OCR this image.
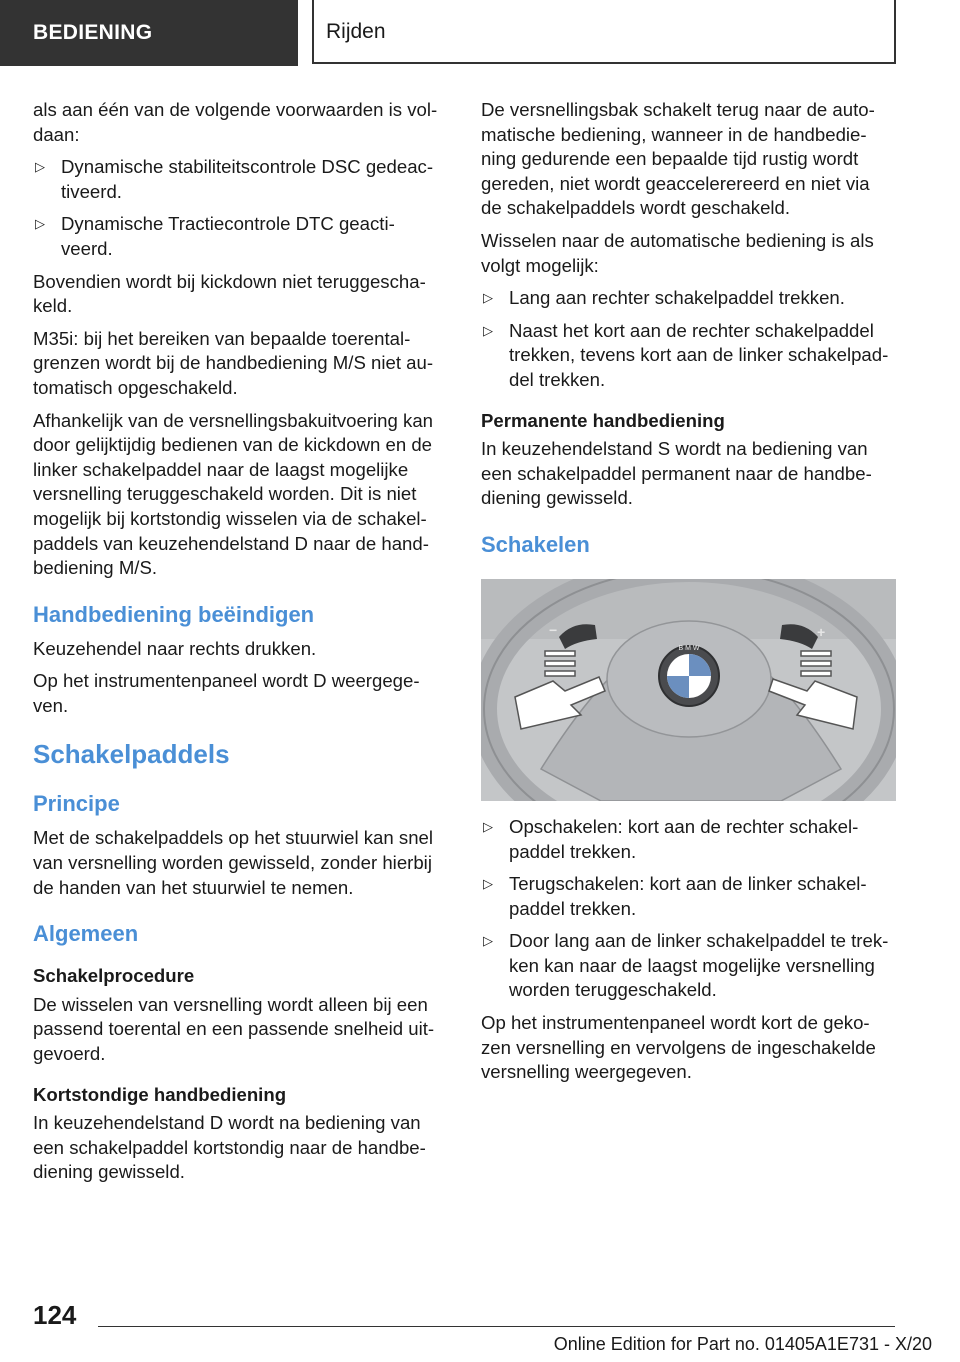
BEDIENING	Rijden

als aan één van de volgende voorwaarden is vol-
daan:

▷ Dynamische stabiliteitscontrole DSC gedeac-
tiveerd.
▷ Dynamische Tractiecontrole DTC geacti-
veerd.

Bovendien wordt bij kickdown niet teruggescha-
keld.

M35i: bij het bereiken van bepaalde toerental-
grenzen wordt bij de handbediening M/S niet au-
tomatisch opgeschakeld.

Afhankelijk van de versnellingsbakuitvoering kan
door gelijktijdig bedienen van de kickdown en de
linker schakelpaddel naar de laagst mogelijke
versnelling teruggeschakeld worden. Dit is niet
mogelijk bij kortstondig wisselen via de schakel-
paddels van keuzehendelstand D naar de hand-
bediening M/S.

Handbediening beëindigen

Keuzehendel naar rechts drukken.

Op het instrumentenpaneel wordt D weergege-
ven.

Schakelpaddels
Principe

Met de schakelpaddels op het stuurwiel kan snel
van versnelling worden gewisseld, zonder hierbij
de handen van het stuurwiel te nemen.

Algemeen
Schakelprocedure

De wisselen van versnelling wordt alleen bij een
passend toerental en een passende snelheid uit-
gevoerd.

Kortstondige handbediening

In keuzehendelstand D wordt na bediening van
een schakelpaddel kortstondig naar de handbe-
diening gewisseld.

De versnellingsbak schakelt terug naar de auto-
matische bediening, wanneer in de handbedie-
ning gedurende een bepaalde tijd rustig wordt
gereden, niet wordt geaccelerereerd en niet via
de schakelpaddels wordt geschakeld.

Wisselen naar de automatische bediening is als
volgt mogelijk:

▷ Lang aan rechter schakelpaddel trekken.
▷ Naast het kort aan de rechter schakelpaddel
trekken, tevens kort aan de linker schakelpad-
del trekken.
Permanente handbediening

In keuzehendelstand S wordt na bediening van
een schakelpaddel permanent naar de handbe-
diening gewisseld.

Schakelen
B M W
−	+
▷ Opschakelen: kort aan de rechter schakel-
paddel trekken.
▷ Terugschakelen: kort aan de linker schakel-
paddel trekken.
▷ Door lang aan de linker schakelpaddel te trek-
ken kan naar de laagst mogelijke versnelling
worden teruggeschakeld.

Op het instrumentenpaneel wordt kort de geko-
zen versnelling en vervolgens de ingeschakelde
versnelling weergegeven.

124
Online Edition for Part no. 01405A1E731 - X/20
